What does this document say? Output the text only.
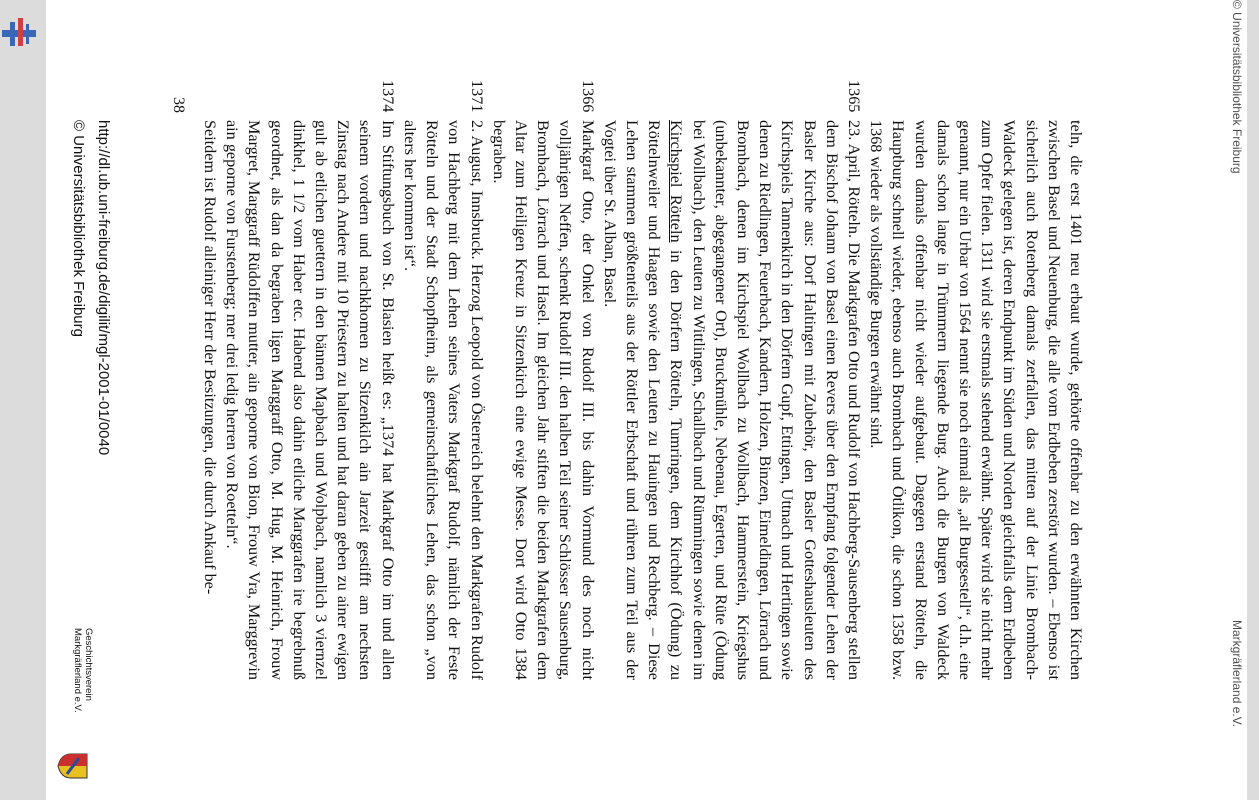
© Universitätsbibliothek Freiburg
Markgräflerland e.V.

teln, die erst 1401 neu erbaut wurde, gehörte offenbar zu den erwähnten Kirchen zwischen Basel und Neuenburg, die alle vom Erdbeben zerstört wurden. – Ebenso ist sicherlich auch Rotenberg damals zerfallen, das mitten auf der Linie Brombach-Waldeck gelegen ist, deren Endpunkt im Süden und Norden gleichfalls dem Erdbeben zum Opfer fielen. 1311 wird sie erstmals stehend erwähnt. Später wird sie nicht mehr genannt, nur ein Urbar von 1564 nennt sie noch einmal als „alt Burgsestell“, d.h. eine damals schon lange in Trümmern liegende Burg. Auch die Burgen von Waldeck wurden damals offenbar nicht wieder aufgebaut. Dagegen erstand Rötteln, die Hauptburg schnell wieder, ebenso auch Brombach und Ötlikon, die schon 1358 bzw. 1368 wieder als vollständige Burgen erwähnt sind.

1365

23. April, Rötteln. Die Markgrafen Otto und Rudolf von Hachberg-Sausenberg stellen dem Bischof Johann von Basel einen Revers über den Empfang folgender Lehen der Basler Kirche aus: Dorf Haltingen mit Zubehör, den Basler Gotteshausleuten des Kirchspiels Tannenkirch in den Dörfern Gupf, Ettingen, Uttnach und Hertingen sowie denen zu Riedlingen, Feuerbach, Kandern, Holzen, Binzen, Eimeldingen, Lörrach und Brombach, denen im Kirchspiel Wollbach zu Wollbach, Hammerstein, Kriegshus (unbekannter, abgegangener Ort), Bruckmühle, Nebenau, Egerten, und Rüte (Ödung bei Wollbach), den Leuten zu Wittlingen, Schallbach und Rümmingen sowie denen im Kirchspiel Rötteln in den Dörfern Rötteln, Tumringen, dem Kirchhof (Ödung) zu Röttelnweiler und Haagen sowie den Leuten zu Hauingen und Rechberg. – Diese Lehen stammen größtenteils aus der Röttler Erbschaft und rühren zum Teil aus der Vogtei über St. Alban, Basel.

1366

Markgraf Otto, der Onkel von Rudolf III. bis dahin Vormund des noch nicht volljährigen Neffen, schenkt Rudolf III. den halben Teil seiner Schlösser Sausenburg, Brombach, Lörrach und Hasel. Im gleichen Jahr stiften die beiden Markgrafen dem Altar zum Heiligen Kreuz in Sitzenkirch eine ewige Messe. Dort wird Otto 1384 begraben.

1371

2. August, Innsbruck. Herzog Leopold von Österreich belehnt den Markgrafen Rudolf von Hachberg mit dem Lehen seines Vaters Markgraf Rudolf, nämlich der Feste Rötteln und der Stadt Schopfheim, als gemeinschaftliches Lehen, das schon „von alters her kommen ist“.

1374

Im Stiftungsbuch von St. Blasien heißt es: „1374 hat Markgraf Otto im und allen seinem vordern und nachkhomen zu Sitzenkilch ain Jarzeit gestifft am nechsten Zinstag nach Andere mit 10 Priestern zu halten und hat daran geben zu ainer ewigen gult ab etlichen guettern in den bännen Mapbach und Wolpbach, namlich 3 viernzel dinkhel, 1 1/2 vom Haber etc. Habend also dahin etliche Marggrafen ire begrebnuß geordnet, als dan da begraben ligen Marggraff Otto, M. Hug, M. Heinrich, Frouw Margret, Marggraff Rüdolffen mutter, ain geporne von Bion, Frouw Vra, Marggrevin ain geporne von Furstenberg; mer drei ledig herren von Roetteln“.

Seitdem ist Rudolf alleiniger Herr der Besitzungen, die durch Ankauf be-

38
http://dl.ub.uni-freiburg.de/digilit/mgl-2001-01/0040
© Universitätsbibliothek Freiburg
Geschichtsverein
Markgräflerland e.V.
